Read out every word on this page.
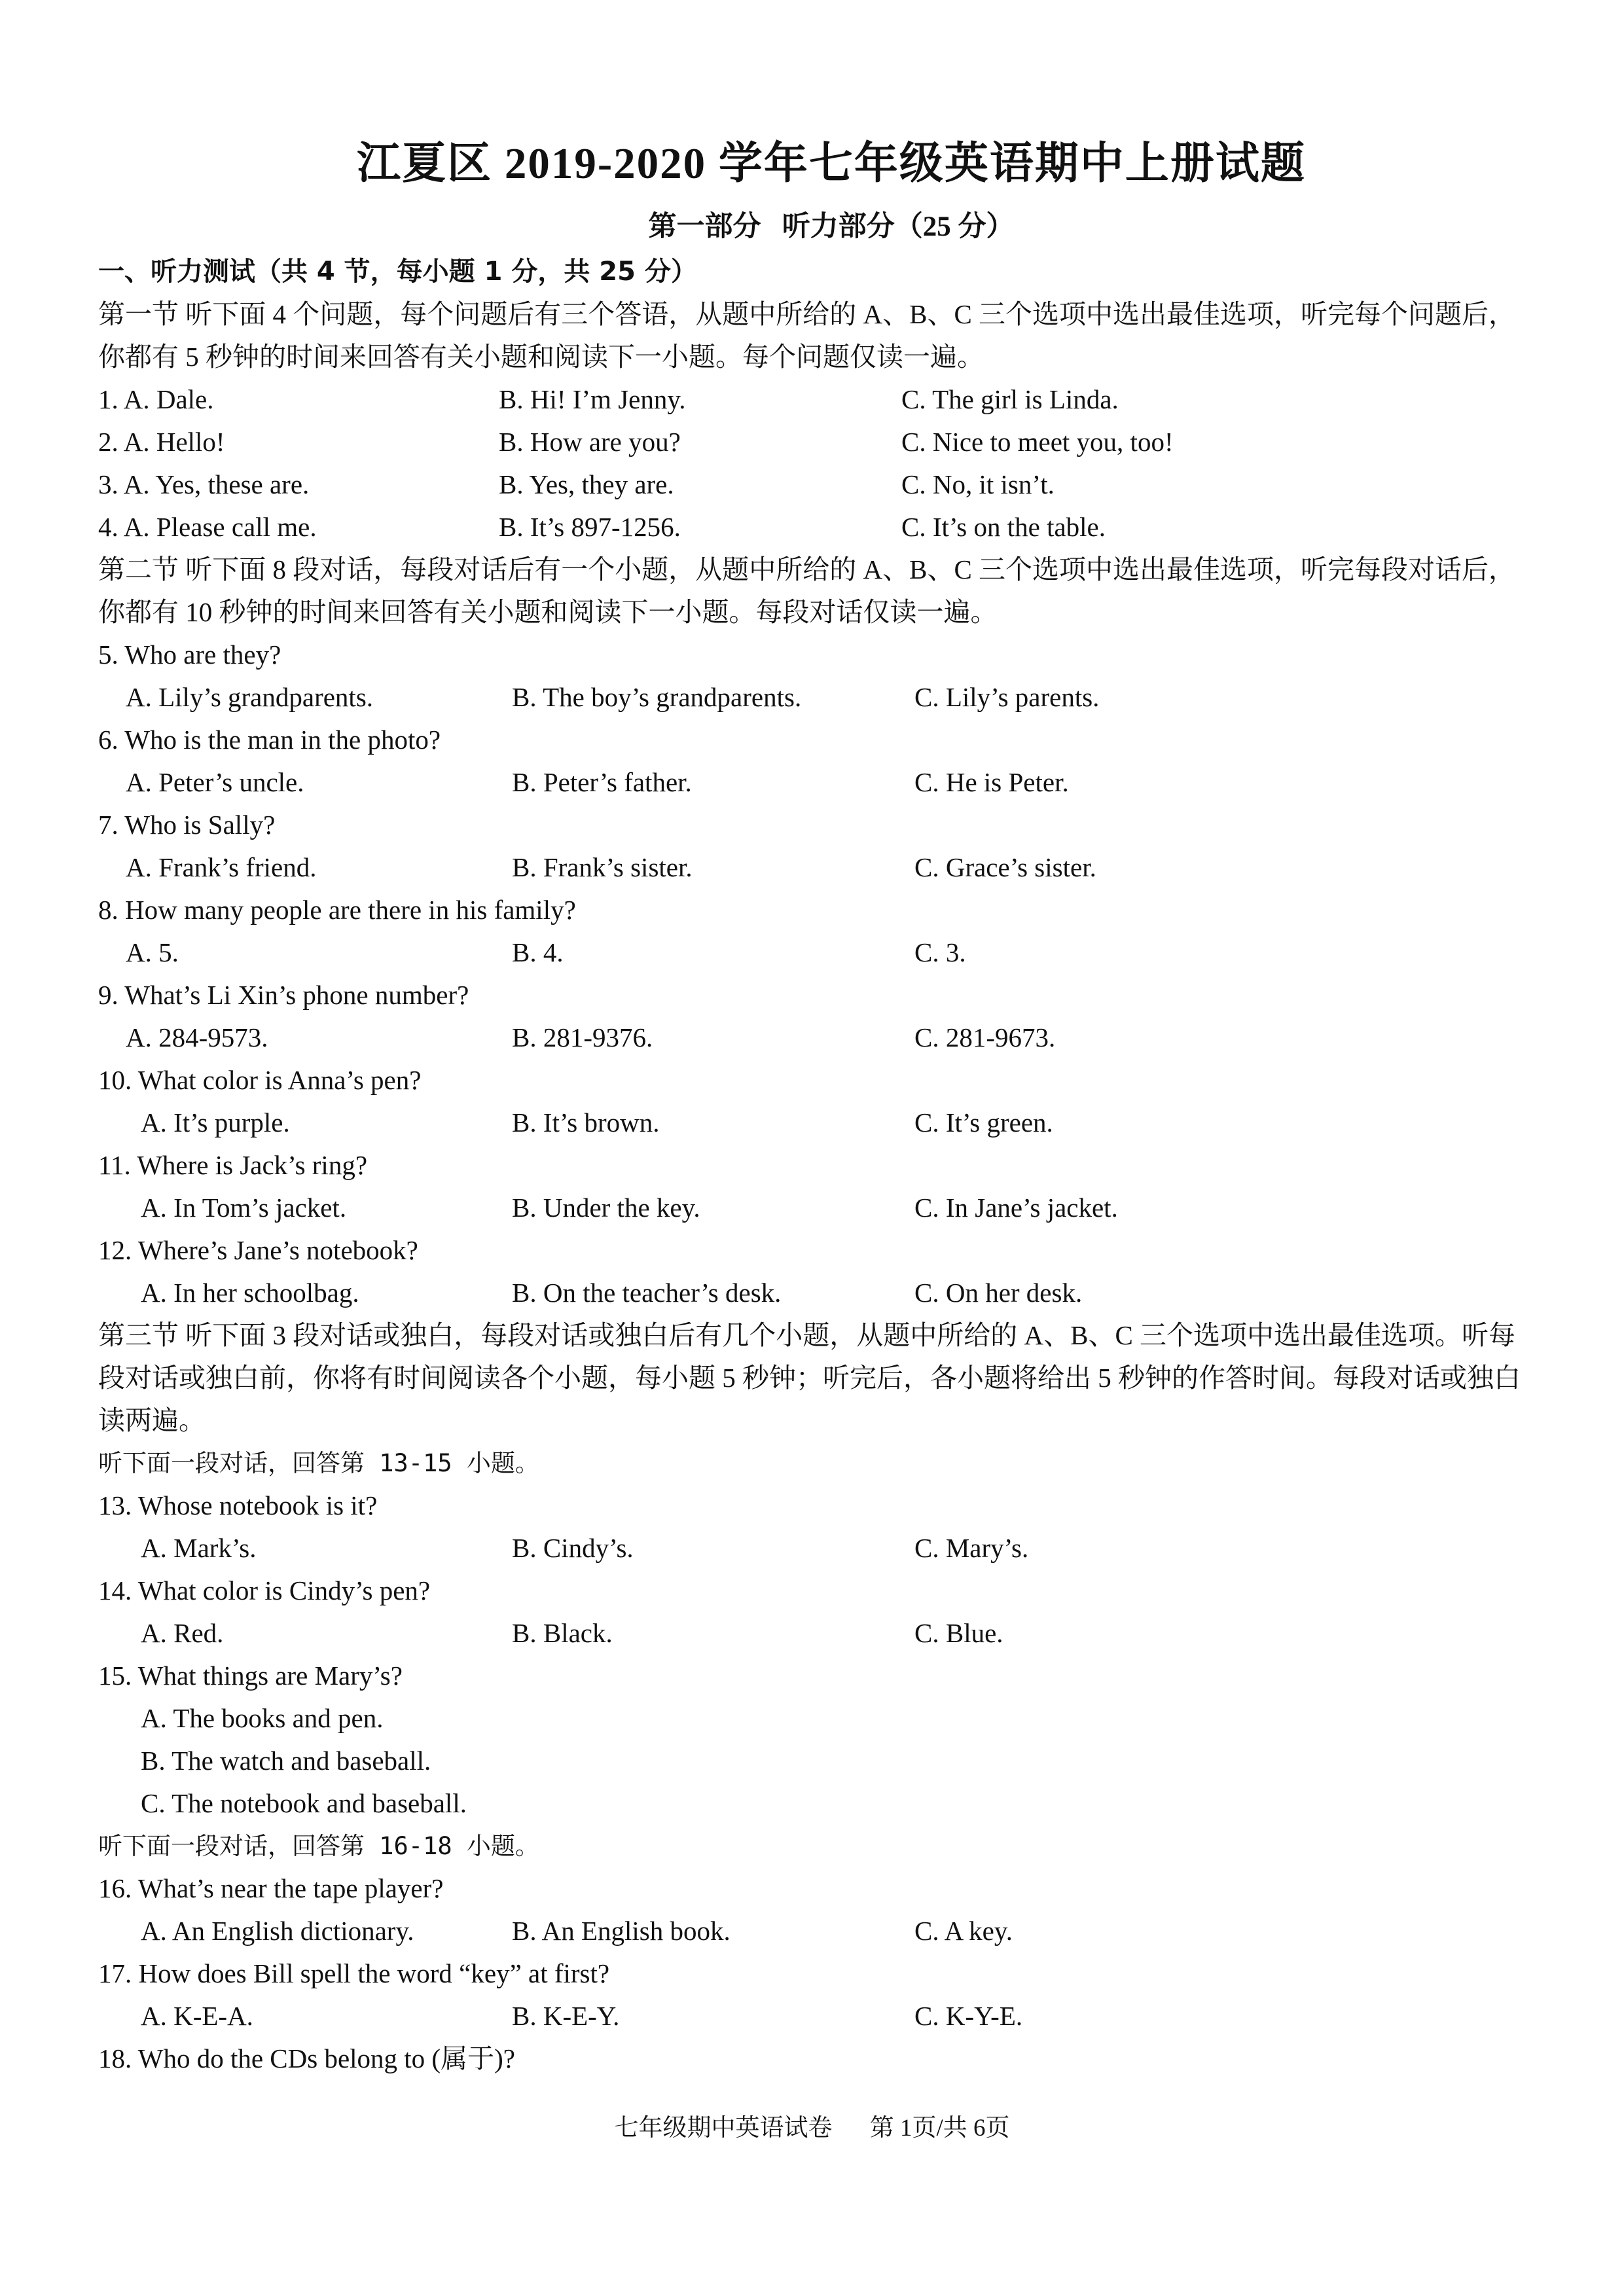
江夏区 2019-2020 学年七年级英语期中上册试题
第一部分   听力部分（25 分）
一、听力测试（共 4 节，每小题 1 分，共 25 分）
第一节 听下面 4 个问题，每个问题后有三个答语，从题中所给的 A、B、C 三个选项中选出最佳选项，听完每个问题后，你都有 5 秒钟的时间来回答有关小题和阅读下一小题。每个问题仅读一遍。
1. A. Dale.	B. Hi! I’m Jenny.	C. The girl is Linda.
2. A. Hello!	B. How are you?	C. Nice to meet you, too!
3. A. Yes, these are.	B. Yes, they are.	C. No, it isn’t.
4. A. Please call me.	B. It’s 897-1256.	C. It’s on the table.
第二节 听下面 8 段对话，每段对话后有一个小题，从题中所给的 A、B、C 三个选项中选出最佳选项，听完每段对话后，你都有 10 秒钟的时间来回答有关小题和阅读下一小题。每段对话仅读一遍。
5. Who are they?
A. Lily’s grandparents.	B. The boy’s grandparents.	C. Lily’s parents.
6. Who is the man in the photo?
A. Peter’s uncle.	B. Peter’s father.	C. He is Peter.
7. Who is Sally?
A. Frank’s friend.	B. Frank’s sister.	C. Grace’s sister.
8. How many people are there in his family?
A. 5.	B. 4.	C. 3.
9. What’s Li Xin’s phone number?
A. 284-9573.	B. 281-9376.	C. 281-9673.
10. What color is Anna’s pen?
A. It’s purple.	B. It’s brown.	C. It’s green.
11. Where is Jack’s ring?
A. In Tom’s jacket.	B. Under the key.	C. In Jane’s jacket.
12. Where’s Jane’s notebook?
A. In her schoolbag.	B. On the teacher’s desk.	C. On her desk.
第三节 听下面 3 段对话或独白，每段对话或独白后有几个小题，从题中所给的 A、B、C 三个选项中选出最佳选项。听每段对话或独白前，你将有时间阅读各个小题，每小题 5 秒钟；听完后，各小题将给出 5 秒钟的作答时间。每段对话或独白读两遍。
听下面一段对话，回答第 13-15 小题。
13. Whose notebook is it?
A. Mark’s.	B. Cindy’s.	C. Mary’s.
14. What color is Cindy’s pen?
A. Red.	B. Black.	C. Blue.
15. What things are Mary’s?
A. The books and pen.
B. The watch and baseball.
C. The notebook and baseball.
听下面一段对话，回答第 16-18 小题。
16. What’s near the tape player?
A. An English dictionary.	B. An English book.	C. A key.
17. How does Bill spell the word “key” at first?
A. K-E-A.	B. K-E-Y.	C. K-Y-E.
18. Who do the CDs belong to (属于)?
七年级期中英语试卷 第 1页/共 6页
